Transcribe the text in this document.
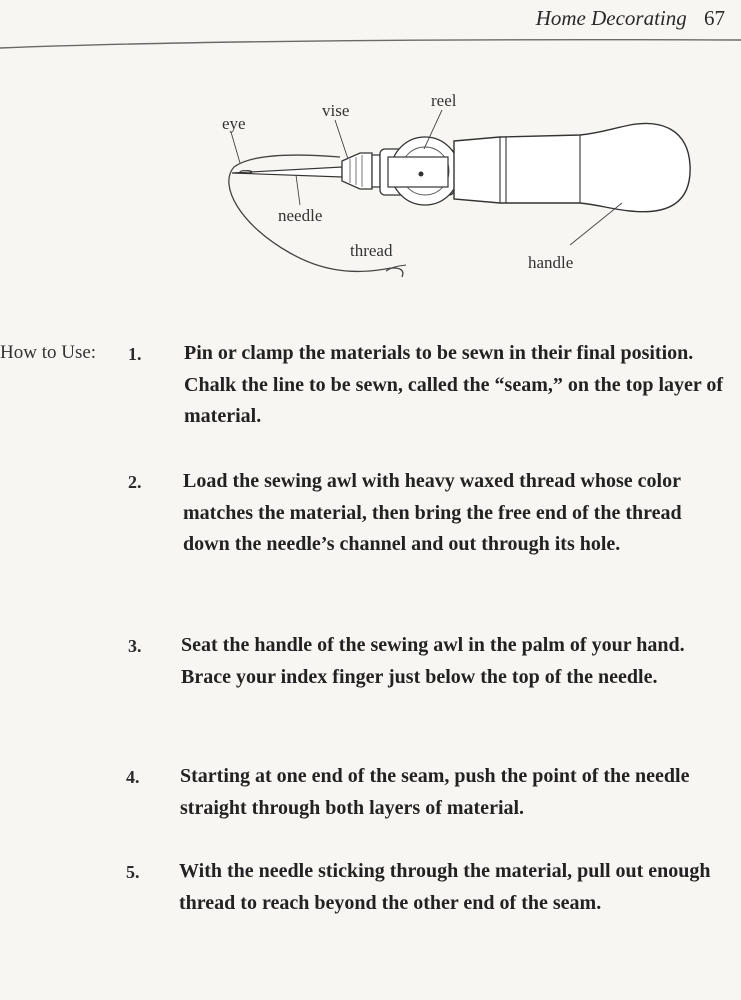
Home Decorating 67
eye
vise
reel
needle
thread
handle
How to Use: 1. Pin or clamp the materials to be sewn in their final position. Chalk the line to be sewn, called the “seam,” on the top layer of material.
2. Load the sewing awl with heavy waxed thread whose color matches the material, then bring the free end of the thread down the needle’s channel and out through its hole.
3. Seat the handle of the sewing awl in the palm of your hand. Brace your index finger just below the top of the needle.
4. Starting at one end of the seam, push the point of the needle straight through both layers of material.
5. With the needle sticking through the material, pull out enough thread to reach beyond the other end of the seam.
